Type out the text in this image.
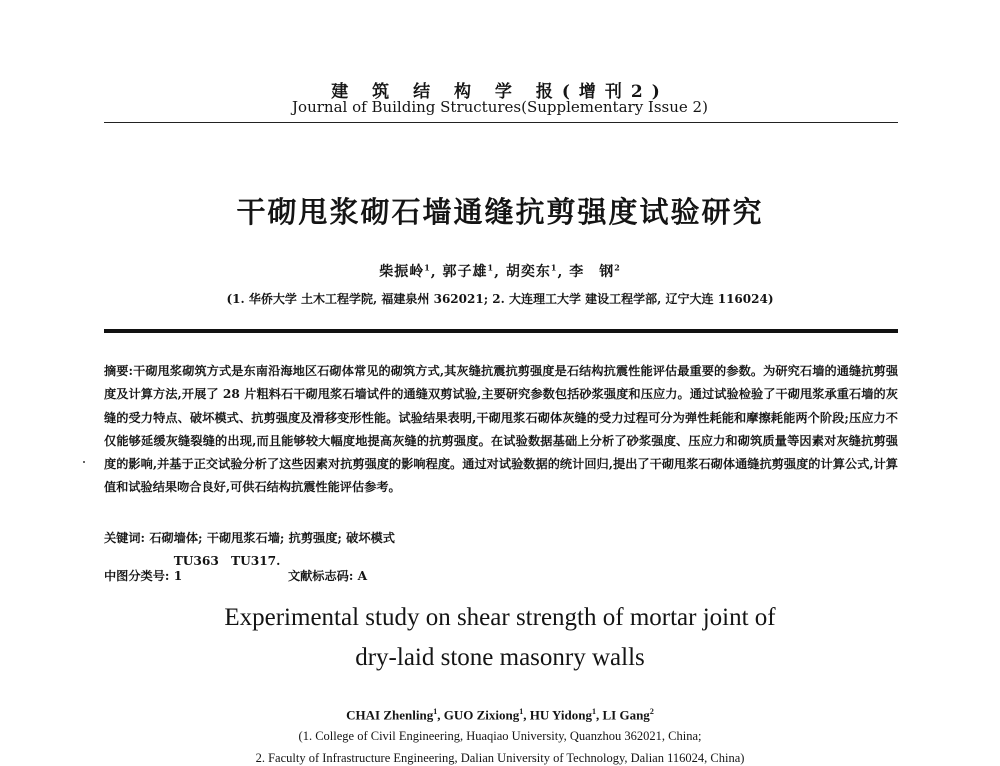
建 筑 结 构 学 报(增刊2)
Journal of Building Structures(Supplementary Issue 2)
干砌甩浆砌石墙通缝抗剪强度试验研究
柴振岭$^1$, 郭子雄$^1$, 胡奕东$^1$, 李　钢$^2$
(1. 华侨大学 土木工程学院, 福建泉州 362021; 2. 大连理工大学 建设工程学部, 辽宁大连 116024)
摘要:干砌甩浆砌筑方式是东南沿海地区石砌体常见的砌筑方式,其灰缝抗震抗剪强度是石结构抗震性能评估最重要的参数。为研究石墙的通缝抗剪强度及计算方法,开展了 28 片粗料石干砌甩浆石墙试件的通缝双剪试验,主要研究参数包括砂浆强度和压应力。通过试验检验了干砌甩浆承重石墙的灰缝的受力特点、破坏模式、抗剪强度及滑移变形性能。试验结果表明,干砌甩浆石砌体灰缝的受力过程可分为弹性耗能和摩擦耗能两个阶段;压应力不仅能够延缓灰缝裂缝的出现,而且能够较大幅度地提高灰缝的抗剪强度。在试验数据基础上分析了砂浆强度、压应力和砌筑质量等因素对灰缝抗剪强度的影响,并基于正交试验分析了这些因素对抗剪强度的影响程度。通过对试验数据的统计回归,提出了干砌甩浆石砌体通缝抗剪强度的计算公式,计算值和试验结果吻合良好,可供石结构抗震性能评估参考。
关键词: 石砌墙体; 干砌甩浆石墙; 抗剪强度; 破坏模式
中图分类号: TU363　TU317. 1	文献标志码: A
Experimental study on shear strength of mortar joint of
dry-laid stone masonry walls
CHAI Zhenling$^1$, GUO Zixiong$^1$, HU Yidong$^1$, LI Gang$^2$
(1. College of Civil Engineering, Huaqiao University, Quanzhou 362021, China;
2. Faculty of Infrastructure Engineering, Dalian University of Technology, Dalian 116024, China)
